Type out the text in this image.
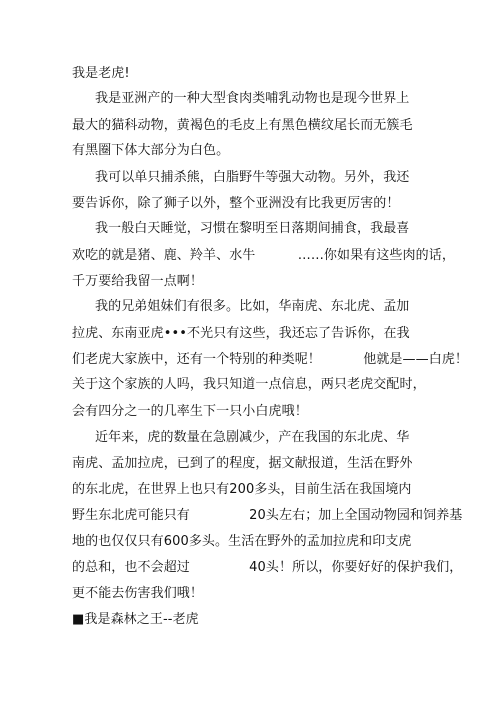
我是老虎!
我是亚洲产的一种大型食肉类哺乳动物也是现今世界上
最大的猫科动物，黄褐色的毛皮上有黑色横纹尾长而无簇毛
有黑圈下体大部分为白色。
我可以单只捕杀熊，白脂野牛等强大动物。另外，我还
要告诉你，除了狮子以外，整个亚洲没有比我更厉害的！
我一般白天睡觉，习惯在黎明至日落期间捕食，我最喜
欢吃的就是猪、鹿、羚羊、水牛          ……你如果有这些肉的话，
千万要给我留一点啊！
我的兄弟姐妹们有很多。比如，华南虎、东北虎、孟加
拉虎、东南亚虎•••不光只有这些，我还忘了告诉你，在我
们老虎大家族中，还有一个特别的种类呢！          他就是——白虎！
关于这个家族的人吗，我只知道一点信息，两只老虎交配时，
会有四分之一的几率生下一只小白虎哦！
近年来，虎的数量在急剧减少，产在我国的东北虎、华
南虎、孟加拉虎，已到了的程度，据文献报道，生活在野外
的东北虎，在世界上也只有200多头，目前生活在我国境内
野生东北虎可能只有              20头左右；加上全国动物园和饲养基
地的也仅仅只有600多头。生活在野外的孟加拉虎和印支虎
的总和，也不会超过              40头！所以，你要好好的保护我们，
更不能去伤害我们哦！
■我是森林之王--老虎
